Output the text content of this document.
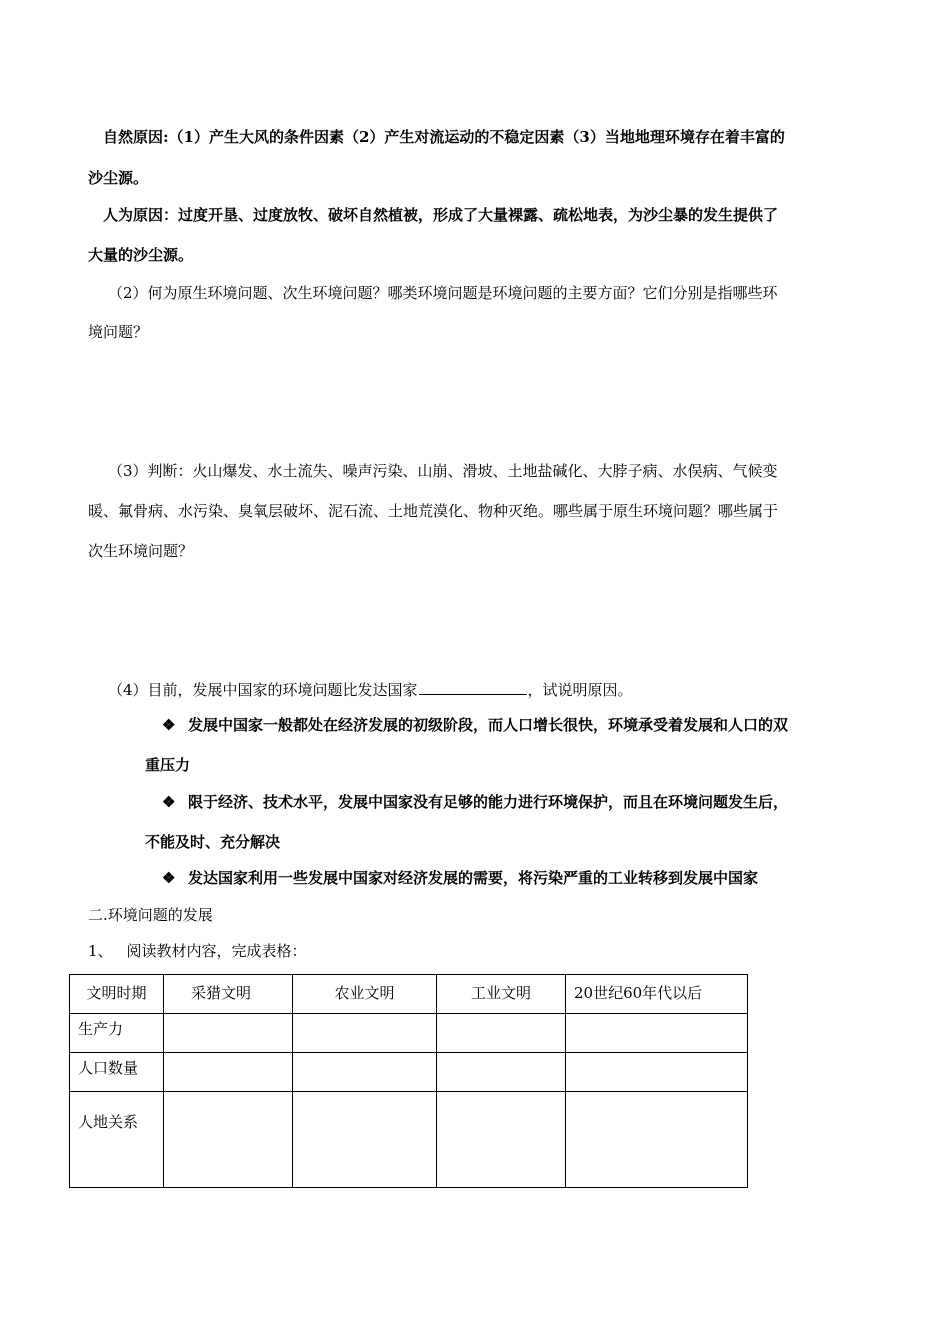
自然原因:（1）产生大风的条件因素（2）产生对流运动的不稳定因素（3）当地地理环境存在着丰富的
沙尘源。
人为原因：过度开垦、过度放牧、破坏自然植被，形成了大量裸露、疏松地表，为沙尘暴的发生提供了
大量的沙尘源。
（2）何为原生环境问题、次生环境问题？哪类环境问题是环境问题的主要方面？它们分别是指哪些环
境问题？
（3）判断：火山爆发、水土流失、噪声污染、山崩、滑坡、土地盐碱化、大脖子病、水俣病、气候变
暖、氟骨病、水污染、臭氧层破坏、泥石流、土地荒漠化、物种灭绝。哪些属于原生环境问题？哪些属于
次生环境问题？
（4）目前，发展中国家的环境问题比发达国家	，试说明原因。
❖ 发展中国家一般都处在经济发展的初级阶段，而人口增长很快，环境承受着发展和人口的双
重压力
❖ 限于经济、技术水平，发展中国家没有足够的能力进行环境保护，而且在环境问题发生后，
不能及时、充分解决
❖ 发达国家利用一些发展中国家对经济发展的需要，将污染严重的工业转移到发展中国家
二.环境问题的发展
1、 阅读教材内容，完成表格：
文明时期	采猎文明	农业文明	工业文明	20世纪60年代以后

生产力				

人口数量				

人地关系				
